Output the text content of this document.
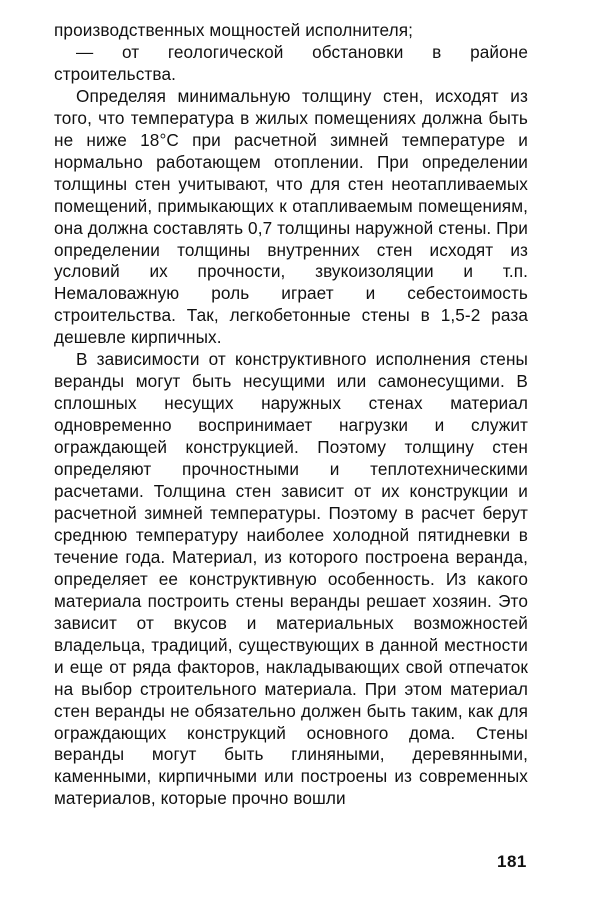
производственных мощностей исполнителя;

— от геологической обстановки в районе строительства.

Определяя минимальную толщину стен, исходят из того, что температура в жилых помещениях должна быть не ниже 18°С при расчетной зимней температуре и нормально работающем отоплении. При определении толщины стен учитывают, что для стен неотапливаемых помещений, примыкающих к отапливаемым помещениям, она должна составлять 0,7 толщины наружной стены. При определении толщины внутренних стен исходят из условий их прочности, звукоизоляции и т.п. Немаловажную роль играет и себестоимость строительства. Так, легкобетонные стены в 1,5-2 раза дешевле кирпичных.

В зависимости от конструктивного исполнения стены веранды могут быть несущими или самонесущими. В сплошных несущих наружных стенах материал одновременно воспринимает нагрузки и служит ограждающей конструкцией. Поэтому толщину стен определяют прочностными и теплотехническими расчетами. Толщина стен зависит от их конструкции и расчетной зимней температуры. Поэтому в расчет берут среднюю температуру наиболее холодной пятидневки в течение года. Материал, из которого построена веранда, определяет ее конструктивную особенность. Из какого материала построить стены веранды решает хозяин. Это зависит от вкусов и материальных возможностей владельца, традиций, существующих в данной местности и еще от ряда факторов, накладывающих свой отпечаток на выбор строительного материала. При этом материал стен веранды не обязательно должен быть таким, как для ограждающих конструкций основного дома. Стены веранды могут быть глиняными, деревянными, каменными, кирпичными или построены из современных материалов, которые прочно вошли

181
